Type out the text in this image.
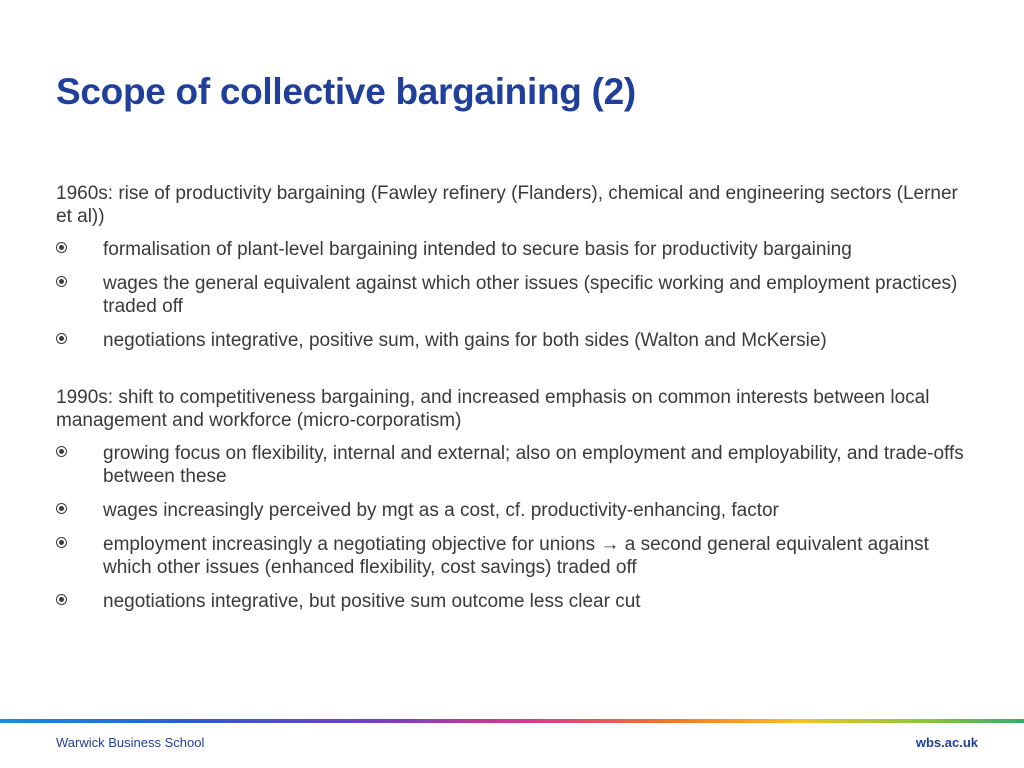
Scope of collective bargaining (2)

1960s: rise of productivity bargaining (Fawley refinery (Flanders), chemical and engineering sectors (Lerner et al))

formalisation of plant-level bargaining intended to secure basis for productivity bargaining
wages the general equivalent against which other issues (specific working and employment practices) traded off
negotiations integrative, positive sum, with gains for both sides (Walton and McKersie)

1990s: shift to competitiveness bargaining, and increased emphasis on common interests between local management and workforce (micro-corporatism)

growing focus on flexibility, internal and external; also on employment and employability, and trade-offs between these
wages increasingly perceived by mgt as a cost, cf. productivity-enhancing, factor
employment increasingly a negotiating objective for unions → a second general equivalent against which other issues (enhanced flexibility, cost savings) traded off
negotiations integrative, but positive sum outcome less clear cut
Warwick Business School	wbs.ac.uk
